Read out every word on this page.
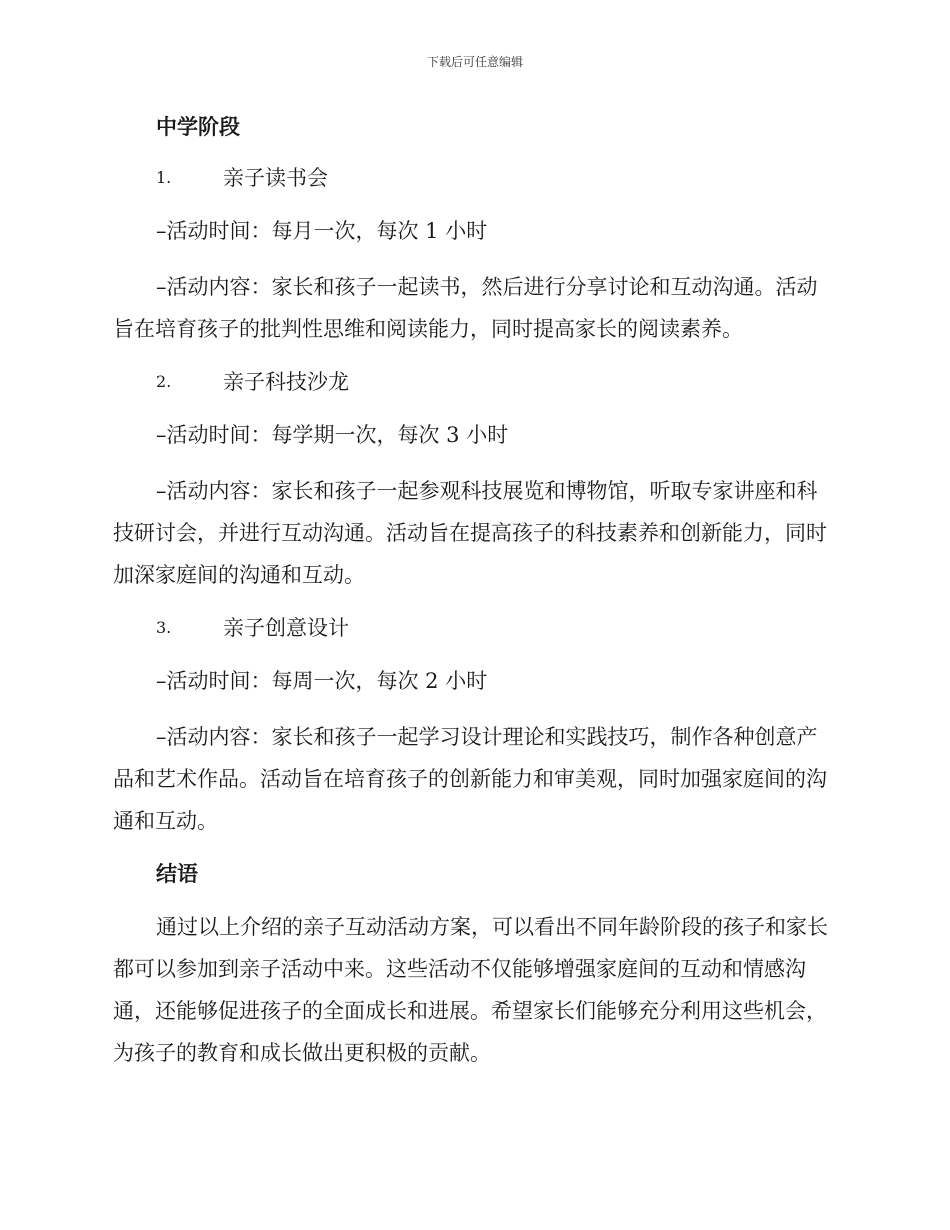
下载后可任意编辑
中学阶段
1.	亲子读书会

–活动时间：每月一次，每次 1 小时

–活动内容：家长和孩子一起读书，然后进行分享讨论和互动沟通。活动旨在培育孩子的批判性思维和阅读能力，同时提高家长的阅读素养。

2.	亲子科技沙龙

–活动时间：每学期一次，每次 3 小时

–活动内容：家长和孩子一起参观科技展览和博物馆，听取专家讲座和科技研讨会，并进行互动沟通。活动旨在提高孩子的科技素养和创新能力，同时加深家庭间的沟通和互动。

3.	亲子创意设计

–活动时间：每周一次，每次 2 小时

–活动内容：家长和孩子一起学习设计理论和实践技巧，制作各种创意产品和艺术作品。活动旨在培育孩子的创新能力和审美观，同时加强家庭间的沟通和互动。

结语

通过以上介绍的亲子互动活动方案，可以看出不同年龄阶段的孩子和家长都可以参加到亲子活动中来。这些活动不仅能够增强家庭间的互动和情感沟通，还能够促进孩子的全面成长和进展。希望家长们能够充分利用这些机会，为孩子的教育和成长做出更积极的贡献。
